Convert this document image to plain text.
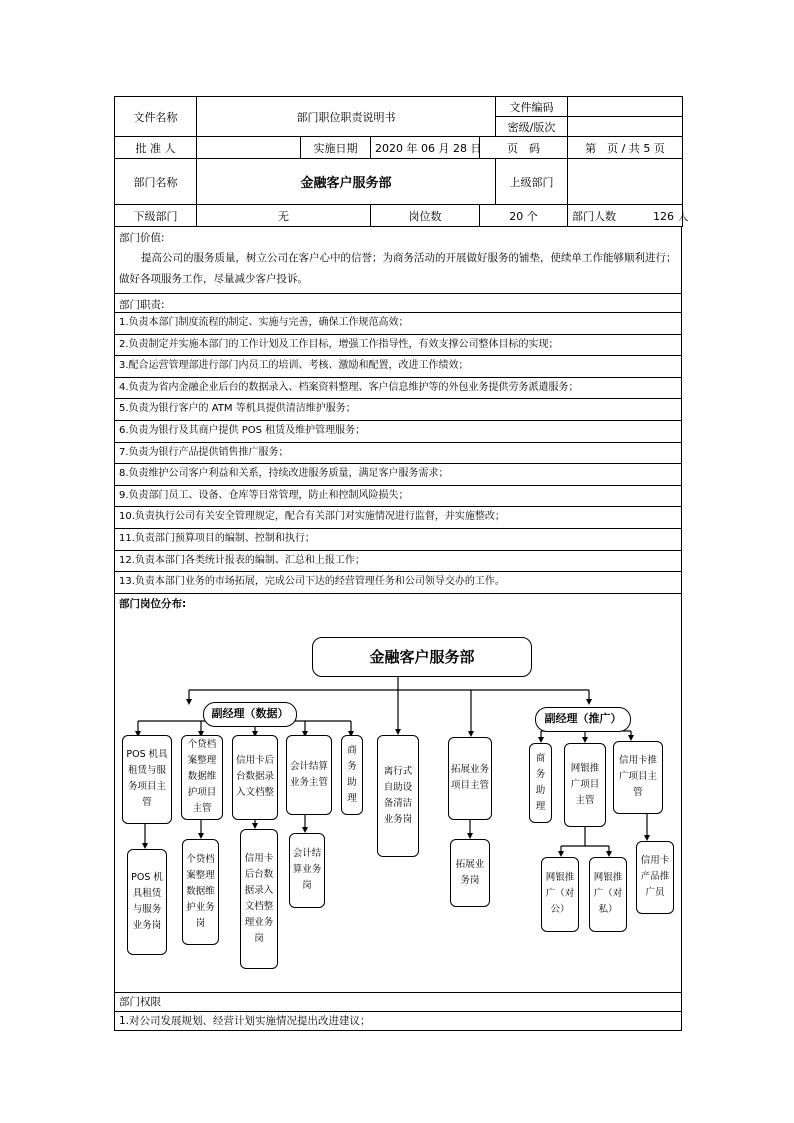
文件名称	部门职位职责说明书				文件编码	
					密级/版次	
批 准 人		实施日期	2020 年 06 月 28 日	页　码		第　页 / 共 5 页
部门名称	金融客户服务部				上级部门	
下级部门	无		岗位数	20 个		部门人数 126 人
部门价值:
提高公司的服务质量，树立公司在客户心中的信誉；为商务活动的开展做好服务的铺垫，使续单工作能够顺利进行；做好各项服务工作，尽量减少客户投诉。
部门职责:
1.负责本部门制度流程的制定、实施与完善，确保工作规范高效；
2.负责制定并实施本部门的工作计划及工作目标，增强工作指导性，有效支撑公司整体目标的实现；
3.配合运营管理部进行部门内员工的培训、考核、激励和配置，改进工作绩效；
4.负责为省内金融企业后台的数据录入、档案资料整理、客户信息维护等的外包业务提供劳务派遣服务；
5.负责为银行客户的 ATM 等机具提供清洁维护服务；
6.负责为银行及其商户提供 POS 租赁及维护管理服务；
7.负责为银行产品提供销售推广服务；
8.负责维护公司客户利益和关系，持续改进服务质量，满足客户服务需求；
9.负责部门员工、设备、仓库等日常管理，防止和控制风险损失；
10.负责执行公司有关安全管理规定，配合有关部门对实施情况进行监督，并实施整改；
11.负责部门预算项目的编制、控制和执行；
12.负责本部门各类统计报表的编制、汇总和上报工作；
13.负责本部门业务的市场拓展，完成公司下达的经营管理任务和公司领导交办的工作。
部门岗位分布:
金融客户服务部
副经理（数据）	副经理（推广）
POS 机具租赁与服务项目主管
POS 机具租赁与服务业务岗
个贷档案整理数据维护项目主管
个贷档案整理数据维护业务岗
信用卡后台数据录入文档整
信用卡后台数据录入文档整理业务岗
会计结算业务主管
会计结算业务岗
商务助理
离行式自助设备清洁业务岗
拓展业务项目主管
拓展业务岗
商务助理
网银推广项目主管
网银推广（对公）
网银推广（对私）
信用卡推广项目主管
信用卡产品推广员
部门权限
1.对公司发展规划、经营计划实施情况提出改进建议；
